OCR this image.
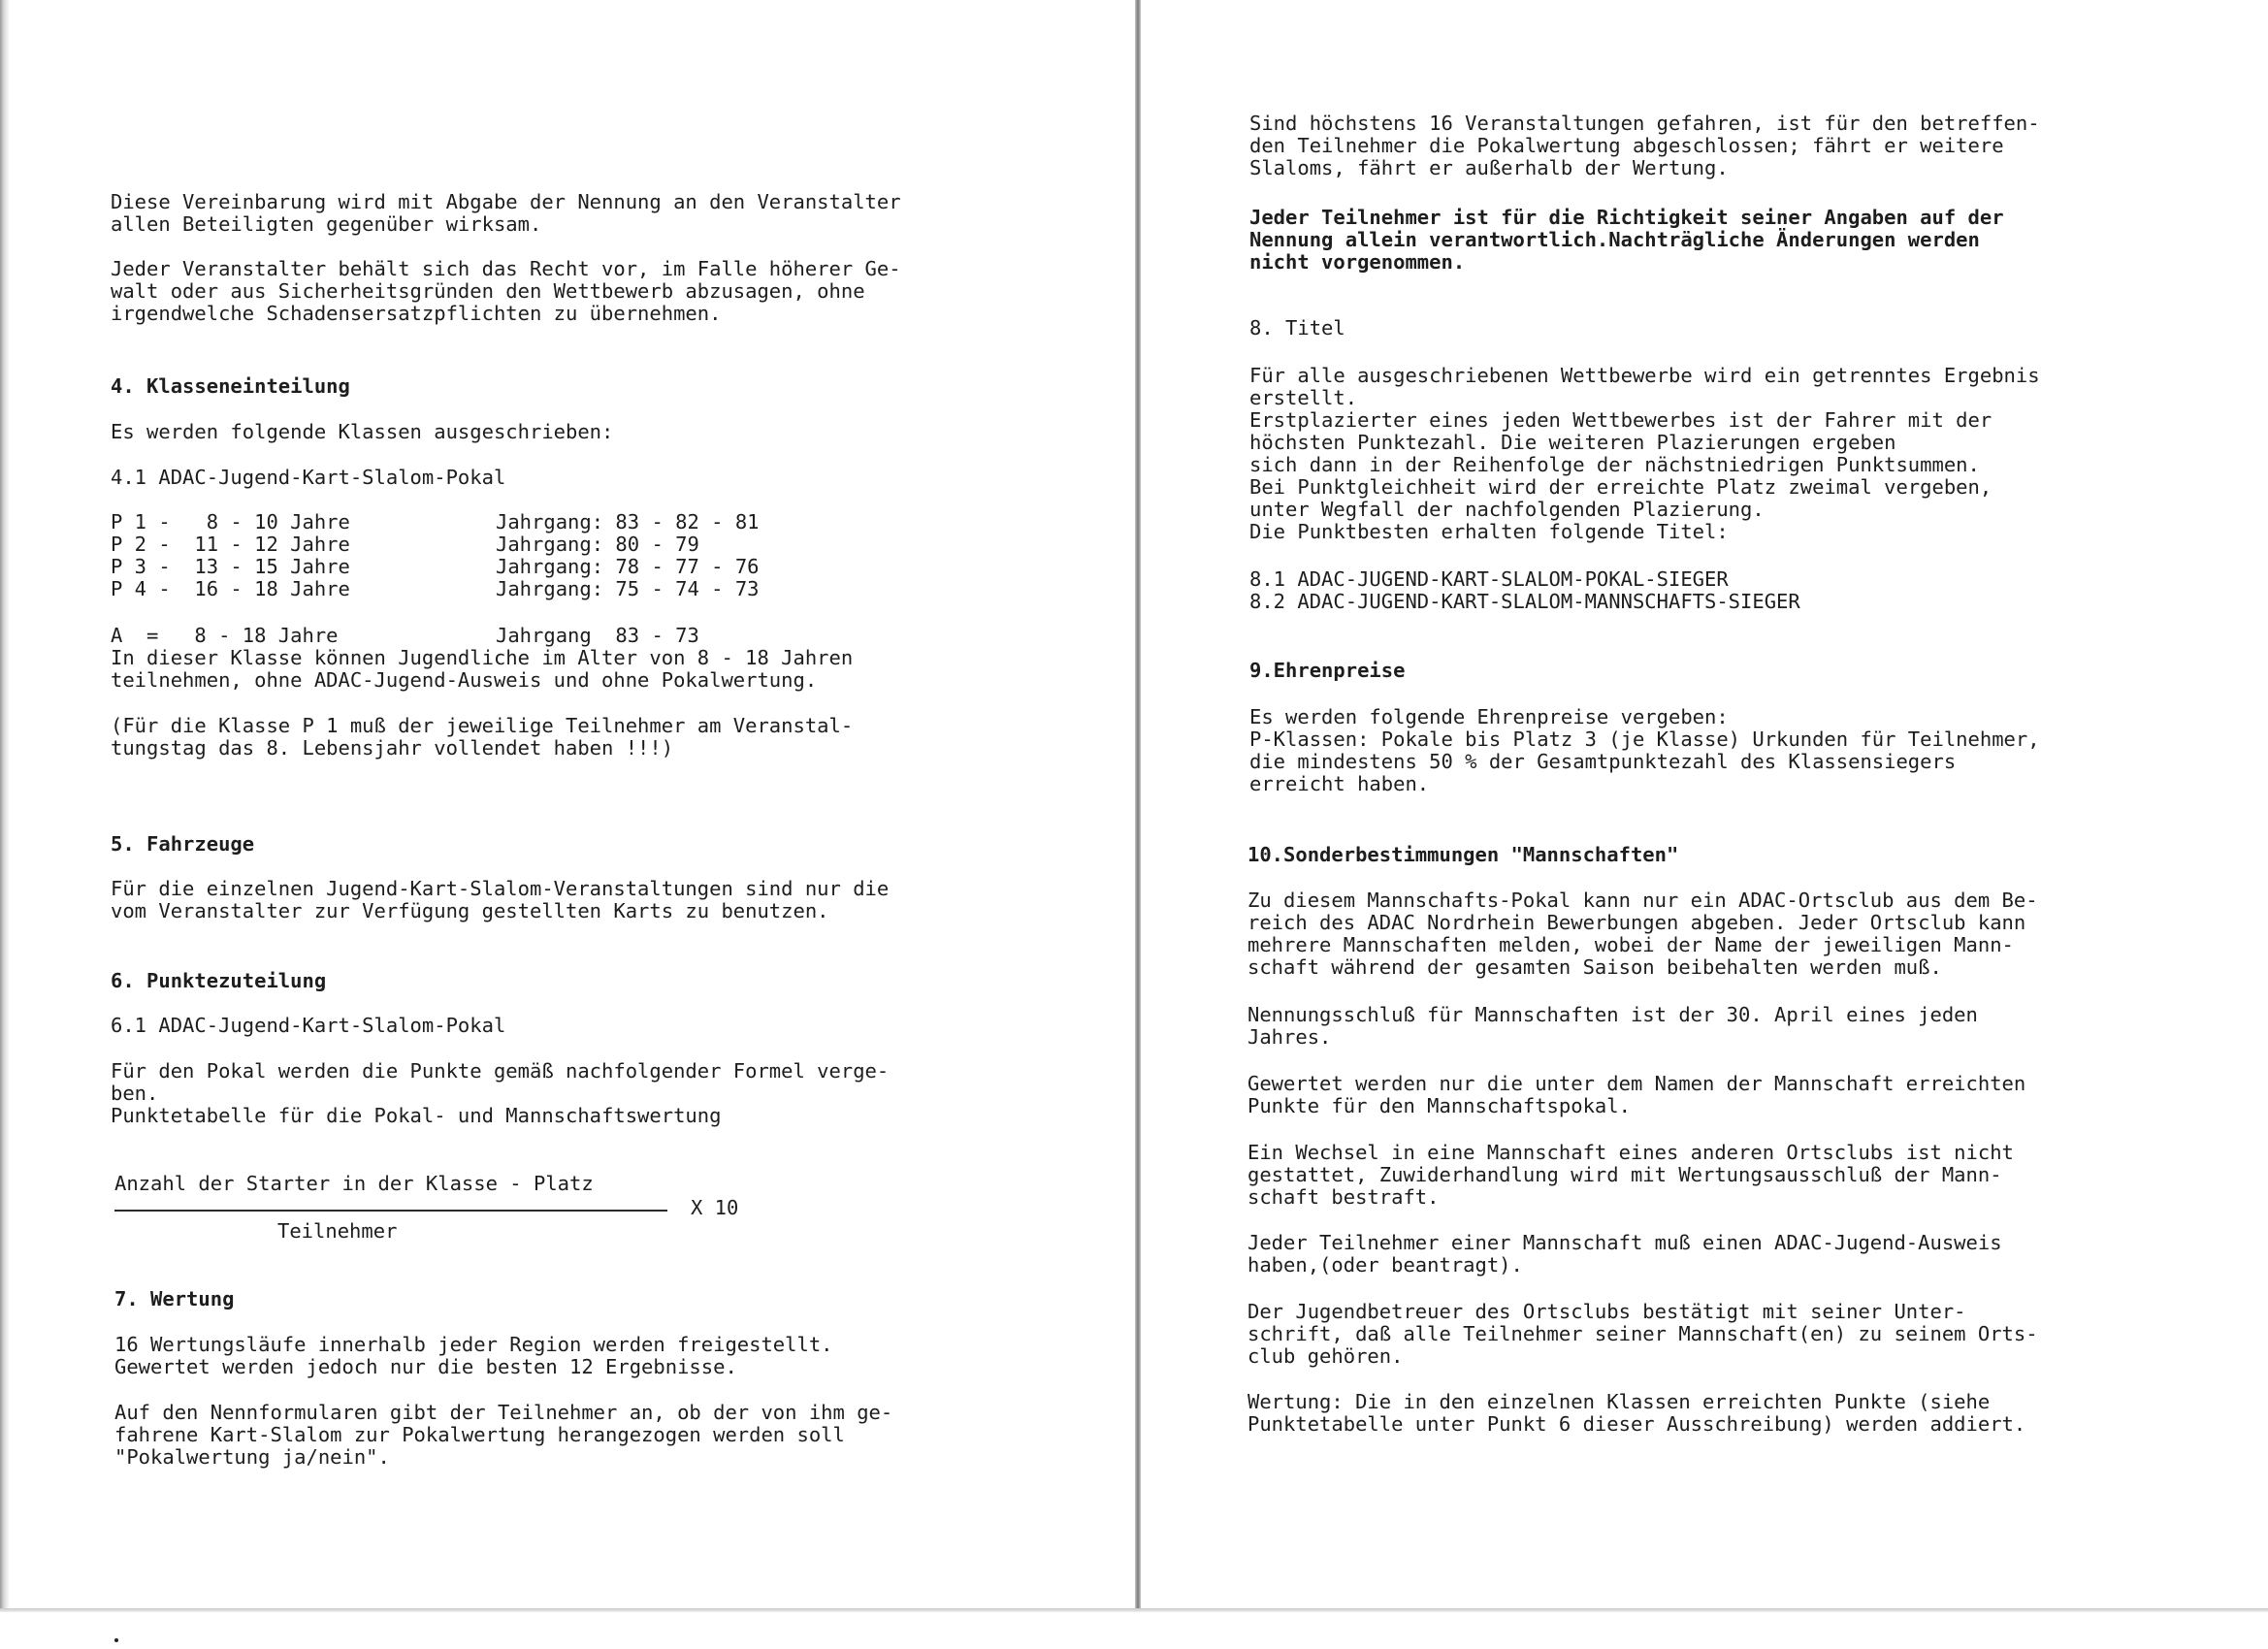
Diese Vereinbarung wird mit Abgabe der Nennung an den Veranstalter
allen Beteiligten gegenüber wirksam.
Jeder Veranstalter behält sich das Recht vor, im Falle höherer Ge-
walt oder aus Sicherheitsgründen den Wettbewerb abzusagen, ohne
irgendwelche Schadensersatzpflichten zu übernehmen.
4. Klasseneinteilung
Es werden folgende Klassen ausgeschrieben:
4.1 ADAC-Jugend-Kart-Slalom-Pokal
P 1 -   8 - 10 Jahre	Jahrgang: 83 - 82 - 81
P 2 -  11 - 12 Jahre	Jahrgang: 80 - 79
P 3 -  13 - 15 Jahre	Jahrgang: 78 - 77 - 76
P 4 -  16 - 18 Jahre	Jahrgang: 75 - 74 - 73
A  =   8 - 18 Jahre	Jahrgang  83 - 73
In dieser Klasse können Jugendliche im Alter von 8 - 18 Jahren
teilnehmen, ohne ADAC-Jugend-Ausweis und ohne Pokalwertung.
(Für die Klasse P 1 muß der jeweilige Teilnehmer am Veranstal-
tungstag das 8. Lebensjahr vollendet haben !!!)
5. Fahrzeuge
Für die einzelnen Jugend-Kart-Slalom-Veranstaltungen sind nur die
vom Veranstalter zur Verfügung gestellten Karts zu benutzen.
6. Punktezuteilung
6.1 ADAC-Jugend-Kart-Slalom-Pokal
Für den Pokal werden die Punkte gemäß nachfolgender Formel verge-
ben.
Punktetabelle für die Pokal- und Mannschaftswertung
Anzahl der Starter in der Klasse - Platz
X 10
Teilnehmer
7. Wertung
16 Wertungsläufe innerhalb jeder Region werden freigestellt.
Gewertet werden jedoch nur die besten 12 Ergebnisse.
Auf den Nennformularen gibt der Teilnehmer an, ob der von ihm ge-
fahrene Kart-Slalom zur Pokalwertung herangezogen werden soll
"Pokalwertung ja/nein".
Sind höchstens 16 Veranstaltungen gefahren, ist für den betreffen-
den Teilnehmer die Pokalwertung abgeschlossen; fährt er weitere
Slaloms, fährt er außerhalb der Wertung.
Jeder Teilnehmer ist für die Richtigkeit seiner Angaben auf der
Nennung allein verantwortlich.Nachträgliche Änderungen werden
nicht vorgenommen.
8. Titel
Für alle ausgeschriebenen Wettbewerbe wird ein getrenntes Ergebnis
erstellt.
Erstplazierter eines jeden Wettbewerbes ist der Fahrer mit der
höchsten Punktezahl. Die weiteren Plazierungen ergeben
sich dann in der Reihenfolge der nächstniedrigen Punktsummen.
Bei Punktgleichheit wird der erreichte Platz zweimal vergeben,
unter Wegfall der nachfolgenden Plazierung.
Die Punktbesten erhalten folgende Titel:
8.1 ADAC-JUGEND-KART-SLALOM-POKAL-SIEGER
8.2 ADAC-JUGEND-KART-SLALOM-MANNSCHAFTS-SIEGER
9.Ehrenpreise
Es werden folgende Ehrenpreise vergeben:
P-Klassen: Pokale bis Platz 3 (je Klasse) Urkunden für Teilnehmer,
die mindestens 50 % der Gesamtpunktezahl des Klassensiegers
erreicht haben.
10.Sonderbestimmungen "Mannschaften"
Zu diesem Mannschafts-Pokal kann nur ein ADAC-Ortsclub aus dem Be-
reich des ADAC Nordrhein Bewerbungen abgeben. Jeder Ortsclub kann
mehrere Mannschaften melden, wobei der Name der jeweiligen Mann-
schaft während der gesamten Saison beibehalten werden muß.
Nennungsschluß für Mannschaften ist der 30. April eines jeden
Jahres.
Gewertet werden nur die unter dem Namen der Mannschaft erreichten
Punkte für den Mannschaftspokal.
Ein Wechsel in eine Mannschaft eines anderen Ortsclubs ist nicht
gestattet, Zuwiderhandlung wird mit Wertungsausschluß der Mann-
schaft bestraft.
Jeder Teilnehmer einer Mannschaft muß einen ADAC-Jugend-Ausweis
haben,(oder beantragt).
Der Jugendbetreuer des Ortsclubs bestätigt mit seiner Unter-
schrift, daß alle Teilnehmer seiner Mannschaft(en) zu seinem Orts-
club gehören.
Wertung: Die in den einzelnen Klassen erreichten Punkte (siehe
Punktetabelle unter Punkt 6 dieser Ausschreibung) werden addiert.
